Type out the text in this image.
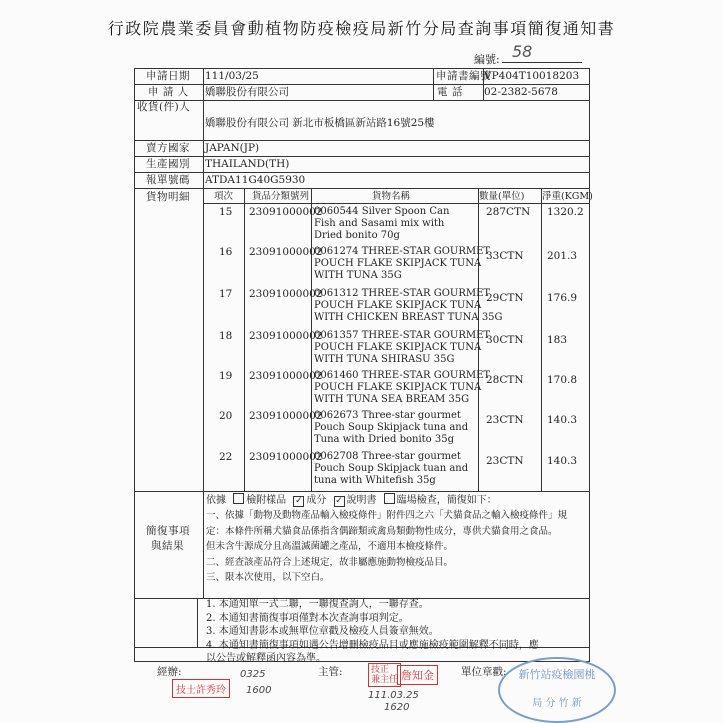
行政院農業委員會動植物防疫檢疫局新竹分局查詢事項簡復通知書
編號: 58
申請日期 111/03/25	申請書編號
VP404T10018203
申 請 人 嬌聯股份有限公司	電 話 02-2382-5678
收貨(件)人
嬌聯股份有限公司 新北市板橋區新站路16號25樓
賣方國家 JAPAN(JP)
生產國別 THAILAND(TH)
報單號碼 ATDA11G40G5930
貨物明細	項次 貨品分類號列	貨物名稱	數量(單位) 淨重(KGM)
15 23091000002
0060544 Silver Spoon Can
Fish and Sasami mix with
Dried bonito 70g
287CTN 1320.2
16 23091000002
0061274 THREE-STAR GOURMET
POUCH FLAKE SKIPJACK TUNA
WITH TUNA 35G
33CTN 201.3
17 23091000002
0061312 THREE-STAR GOURMET
POUCH FLAKE SKIPJACK TUNA
WITH CHICKEN BREAST TUNA 35G
29CTN 176.9
18 23091000002
0061357 THREE-STAR GOURMET
POUCH FLAKE SKIPJACK TUNA
WITH TUNA SHIRASU 35G
30CTN 183
19 23091000002
0061460 THREE-STAR GOURMET
POUCH FLAKE SKIPJACK TUNA
WITH TUNA SEA BREAM 35G
28CTN 170.8
20 23091000002
0062673 Three-star gourmet
Pouch Soup Skipjack tuna and
Tuna with Dried bonito 35g
23CTN 140.3
22 23091000002
0062708 Three-star gourmet
Pouch Soup Skipjack tuan and
tuna with Whitefish 35g
23CTN 140.3
簡復事項
與結果
依據 檢附樣品 ✓ 成分 ✓ 說明書 臨場檢查，簡復如下：
一、依據「動物及動物產品輸入檢疫條件」附件四之六「犬貓食品之輸入檢疫條件」規
定：本條件所稱犬貓食品係指含偶蹄類或禽鳥類動物性成分，專供犬貓食用之食品。
但未含牛源成分且高溫滅菌罐之產品，不適用本檢疫條件。
二、經查該產品符合上述規定，故非屬應施動物檢疫品目。
三、限本次使用，以下空白。
1. 本通知單一式二聯，一聯復查詢人，一聯存查。
2. 本通知書簡復事項僅對本次查詢事項判定。
3. 本通知書影本或無單位章戳及檢疫人員簽章無效。
4. 本通知書簡復事項如遇公告增刪檢疫品目或應施檢疫範圍解釋不同時，應
以公告或解釋函內容為準。
經辦:
技士許秀玲
0325
1600
主管:	技正
兼主任 詹知金
111.03.25
1620
單位章戳:	新竹站疫檢園桃
局 分 竹 新
